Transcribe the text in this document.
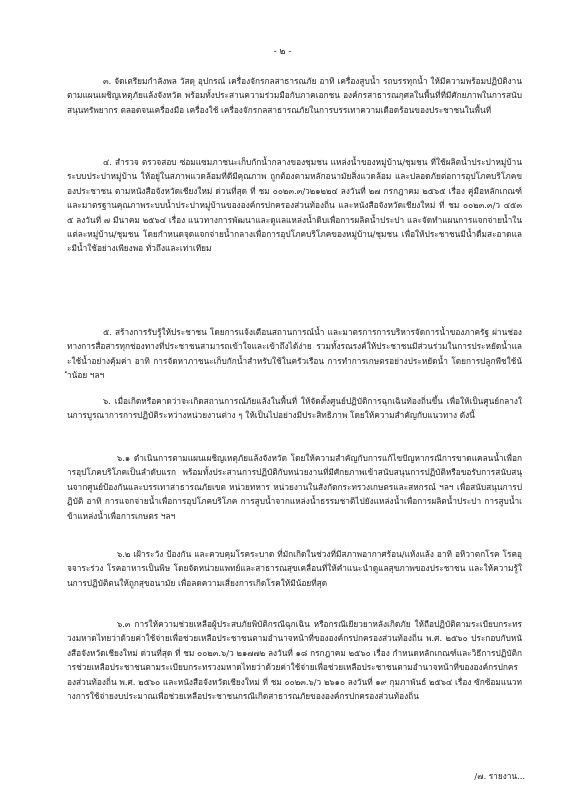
- ๒ -
๓. จัดเตรียมกำลังพล วัสดุ อุปกรณ์ เครื่องจักรกลสาธารณภัย อาทิ เครื่องสูบน้ำ รถบรรทุกน้ำ ให้มีความพร้อมปฏิบัติงานตามแผนเผชิญเหตุภัยแล้งจังหวัด พร้อมทั้งประสานความร่วมมือกับภาคเอกชน องค์กรสาธารณกุศลในพื้นที่ที่มีศักยภาพในการสนับสนุนทรัพยากร ตลอดจนเครื่องมือ เครื่องใช้ เครื่องจักรกลสาธารณภัยในการบรรเทาความเดือดร้อนของประชาชนในพื้นที่
๔. สำรวจ ตรวจสอบ ซ่อมแซมภาชนะเก็บกักน้ำกลางของชุมชน แหล่งน้ำของหมู่บ้าน/ชุมชน ที่ใช้ผลิตน้ำประปาหมู่บ้าน ระบบประปาหมู่บ้าน ให้อยู่ในสภาพแวดล้อมที่ดีมีคุณภาพ ถูกต้องตามหลักอนามัยสิ่งแวดล้อม และปลอดภัยต่อการอุปโภคบริโภคของประชาชน ตามหนังสือจังหวัดเชียงใหม่ ด่วนที่สุด ที่ ชม ๐๐๒๓.๓/ว๒๑๒๒๔ ลงวันที่ ๒๗ กรกฎาคม ๒๕๖๕ เรื่อง คู่มือหลักเกณฑ์และมาตรฐานคุณภาพระบบน้ำประปาหมู่บ้านขององค์กรปกครองส่วนท้องถิ่น และหนังสือจังหวัดเชียงใหม่ ที่ ชม ๐๐๒๓.๓/ว ๔๕๓๕ ลงวันที่ ๗ มีนาคม ๒๕๖๔ เรื่อง แนวทางการพัฒนาและดูแลแหล่งน้ำดิบเพื่อการผลิตน้ำประปา และจัดทำแผนการแจกจ่ายน้ำในแต่ละหมู่บ้าน/ชุมชน โดยกำหนดจุดแจกจ่ายน้ำกลางเพื่อการอุปโภคบริโภคของหมู่บ้าน/ชุมชน เพื่อให้ประชาชนมีน้ำดื่มสะอาดและมีน้ำใช้อย่างเพียงพอ ทั่วถึงและเท่าเทียม
๕. สร้างการรับรู้ให้ประชาชน โดยการแจ้งเตือนสถานการณ์น้ำ และมาตรการการบริหารจัดการน้ำของภาครัฐ ผ่านช่องทางการสื่อสารทุกช่องทางที่ประชาชนสามารถเข้าใจและเข้าถึงได้ง่าย รวมทั้งรณรงค์ให้ประชาชนมีส่วนร่วมในการประหยัดน้ำและใช้น้ำอย่างคุ้มค่า อาทิ การจัดหาภาชนะเก็บกักน้ำสำหรับใช้ในครัวเรือน การทำการเกษตรอย่างประหยัดน้ำ โดยการปลูกพืชใช้น้ำน้อย ฯลฯ
๖. เมื่อเกิดหรือคาดว่าจะเกิดสถานการณ์ภัยแล้งในพื้นที่ ให้จัดตั้งศูนย์ปฏิบัติการฉุกเฉินท้องถิ่นขึ้น เพื่อให้เป็นศูนย์กลางในการบูรณาการการปฏิบัติระหว่างหน่วยงานต่าง ๆ ให้เป็นไปอย่างมีประสิทธิภาพ โดยให้ความสำคัญกับแนวทาง ดังนี้
๖.๑ ดำเนินการตามแผนเผชิญเหตุภัยแล้งจังหวัด โดยให้ความสำคัญกับการแก้ไขปัญหากรณีการขาดแคลนน้ำเพื่อการอุปโภคบริโภคเป็นลำดับแรก พร้อมทั้งประสานการปฏิบัติกับหน่วยงานที่มีศักยภาพเข้าสนับสนุนการปฏิบัติหรือขอรับการสนับสนุนจากศูนย์ป้องกันและบรรเทาสาธารณภัยเขต หน่วยทหาร หน่วยงานในสังกัดกระทรวงเกษตรและสหกรณ์ ฯลฯ เพื่อสนับสนุนการปฏิบัติ อาทิ การแจกจ่ายน้ำเพื่อการอุปโภคบริโภค การสูบน้ำจากแหล่งน้ำธรรมชาติไปยังแหล่งน้ำเพื่อการผลิตน้ำประปา การสูบน้ำเข้าแหล่งน้ำเพื่อการเกษตร ฯลฯ
๖.๒ เฝ้าระวัง ป้องกัน และควบคุมโรคระบาด ที่มักเกิดในช่วงที่มีสภาพอากาศร้อน/แห้งแล้ง อาทิ อหิวาตกโรค โรคอุจจาระร่วง โรคอาหารเป็นพิษ โดยจัดหน่วยแพทย์และสาธารณสุขเคลื่อนที่ให้คำแนะนำดูแลสุขภาพของประชาชน และให้ความรู้ในการปฏิบัติตนให้ถูกสุขอนามัย เพื่อลดความเสี่ยงการเกิดโรคให้มีน้อยที่สุด
๖.๓ การให้ความช่วยเหลือผู้ประสบภัยพิบัติกรณีฉุกเฉิน หรือกรณีเยียวยาหลังเกิดภัย ให้ถือปฏิบัติตามระเบียบกระทรวงมหาดไทยว่าด้วยค่าใช้จ่ายเพื่อช่วยเหลือประชาชนตามอำนาจหน้าที่ขององค์กรปกครองส่วนท้องถิ่น พ.ศ. ๒๕๖๐ ประกอบกับหนังสือจังหวัดเชียงใหม่ ด่วนที่สุด ที่ ชม ๐๐๒๓.๖/ว ๒๑๗๗๒ ลงวันที่ ๑๘ กรกฎาคม ๒๕๖๐ เรื่อง กำหนดหลักเกณฑ์และวิธีการปฏิบัติการช่วยเหลือประชาชนตามระเบียบกระทรวงมหาดไทยว่าด้วยค่าใช้จ่ายเพื่อช่วยเหลือประชาชนตามอำนาจหน้าที่ขององค์กรปกครองส่วนท้องถิ่น พ.ศ. ๒๕๖๐ และหนังสือจังหวัดเชียงใหม่ ที่ ชม ๐๐๒๓.๖/ว ๒๖๑๐ ลงวันที่ ๑๙ กุมภาพันธ์ ๒๕๖๔ เรื่อง ซักซ้อมแนวทางการใช้จ่ายงบประมาณเพื่อช่วยเหลือประชาชนกรณีเกิดสาธารณภัยขององค์กรปกครองส่วนท้องถิ่น
/๗. รายงาน...
